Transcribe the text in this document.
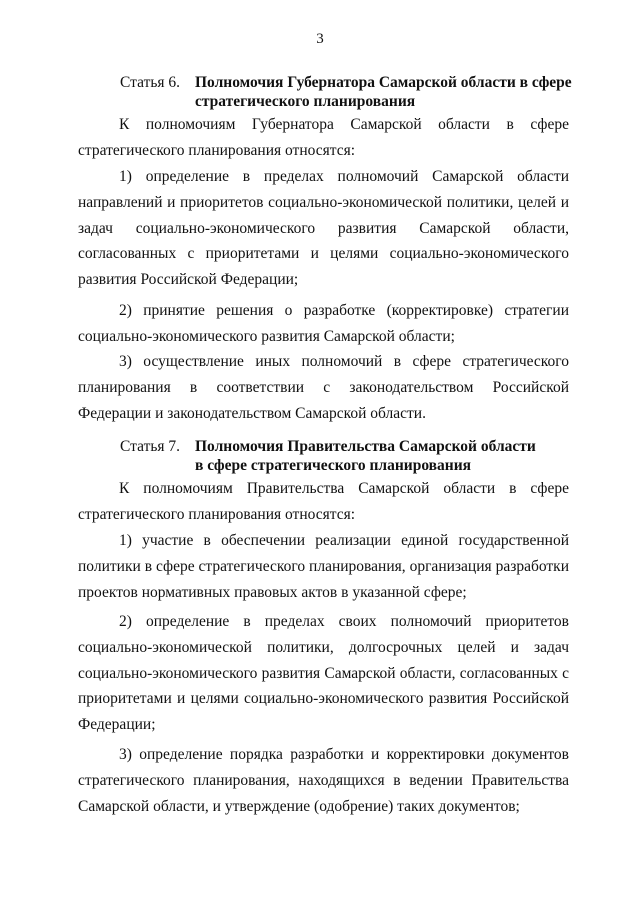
3
Статья 6. Полномочия Губернатора Самарской области в сфере стратегического планирования
К полномочиям Губернатора Самарской области в сфере стратегического планирования относятся:
1) определение в пределах полномочий Самарской области направлений и приоритетов социально-экономической политики, целей и задач социально-экономического развития Самарской области, согласованных с приоритетами и целями социально-экономического развития Российской Федерации;
2) принятие решения о разработке (корректировке) стратегии социально-экономического развития Самарской области;
3) осуществление иных полномочий в сфере стратегического планирования в соответствии с законодательством Российской Федерации и законодательством Самарской области.
Статья 7. Полномочия Правительства Самарской области в сфере стратегического планирования
К полномочиям Правительства Самарской области в сфере стратегического планирования относятся:
1) участие в обеспечении реализации единой государственной политики в сфере стратегического планирования, организация разработки проектов нормативных правовых актов в указанной сфере;
2) определение в пределах своих полномочий приоритетов социально-экономической политики, долгосрочных целей и задач социально-экономического развития Самарской области, согласованных с приоритетами и целями социально-экономического развития Российской Федерации;
3) определение порядка разработки и корректировки документов стратегического планирования, находящихся в ведении Правительства Самарской области, и утверждение (одобрение) таких документов;
